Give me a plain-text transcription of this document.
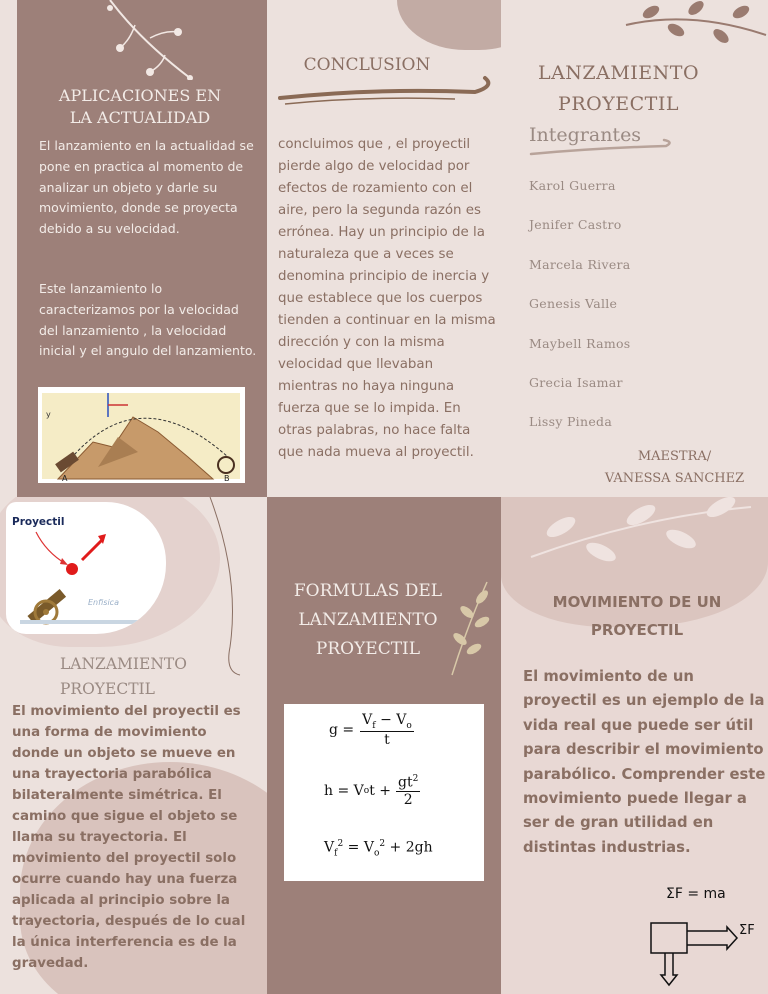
APLICACIONES EN
LA ACTUALIDAD
El lanzamiento en la actualidad se pone en practica al momento de analizar un objeto y darle su movimiento, donde se proyecta debido a su velocidad.
Este lanzamiento lo caracterizamos por la velocidad del lanzamiento , la velocidad inicial y el angulo del lanzamiento.
A	B
y
CONCLUSION
concluimos que , el proyectil pierde algo de velocidad por efectos de rozamiento con el aire, pero la segunda razón es errónea. Hay un principio de la naturaleza que a veces se denomina principio de inercia y que establece que los cuerpos tienden a continuar en la misma dirección y con la misma velocidad que llevaban mientras no haya ninguna fuerza que se lo impida. En otras palabras, no hace falta que nada mueva al proyectil.
LANZAMIENTO
PROYECTIL
Integrantes
Karol Guerra
Jenifer Castro
Marcela Rivera
Genesis Valle
Maybell Ramos
Grecia Isamar
Lissy Pineda
MAESTRA/
VANESSA SANCHEZ
Proyectil
Enfisica
LANZAMIENTO
PROYECTIL
El movimiento del proyectil es una forma de movimiento donde un objeto se mueve en una trayectoria parabólica bilateralmente simétrica. El camino que sigue el objeto se llama su trayectoria. El movimiento del proyectil solo ocurre cuando hay una fuerza aplicada al principio sobre la trayectoria, después de lo cual la única interferencia es de la gravedad.
FORMULAS DEL
LANZAMIENTO
PROYECTIL
$g = \frac{V_f - V_o}{t}$
h = V o $t + \frac{gt^2}{2}$
$V_f^2 = V_o^2 + 2gh$
MOVIMIENTO DE UN
PROYECTIL
El movimiento de un proyectil es un ejemplo de la vida real que puede ser útil para describir el movimiento parabólico. Comprender este movimiento puede llegar a ser de gran utilidad en distintas industrias.
ΣF = ma
ΣF
